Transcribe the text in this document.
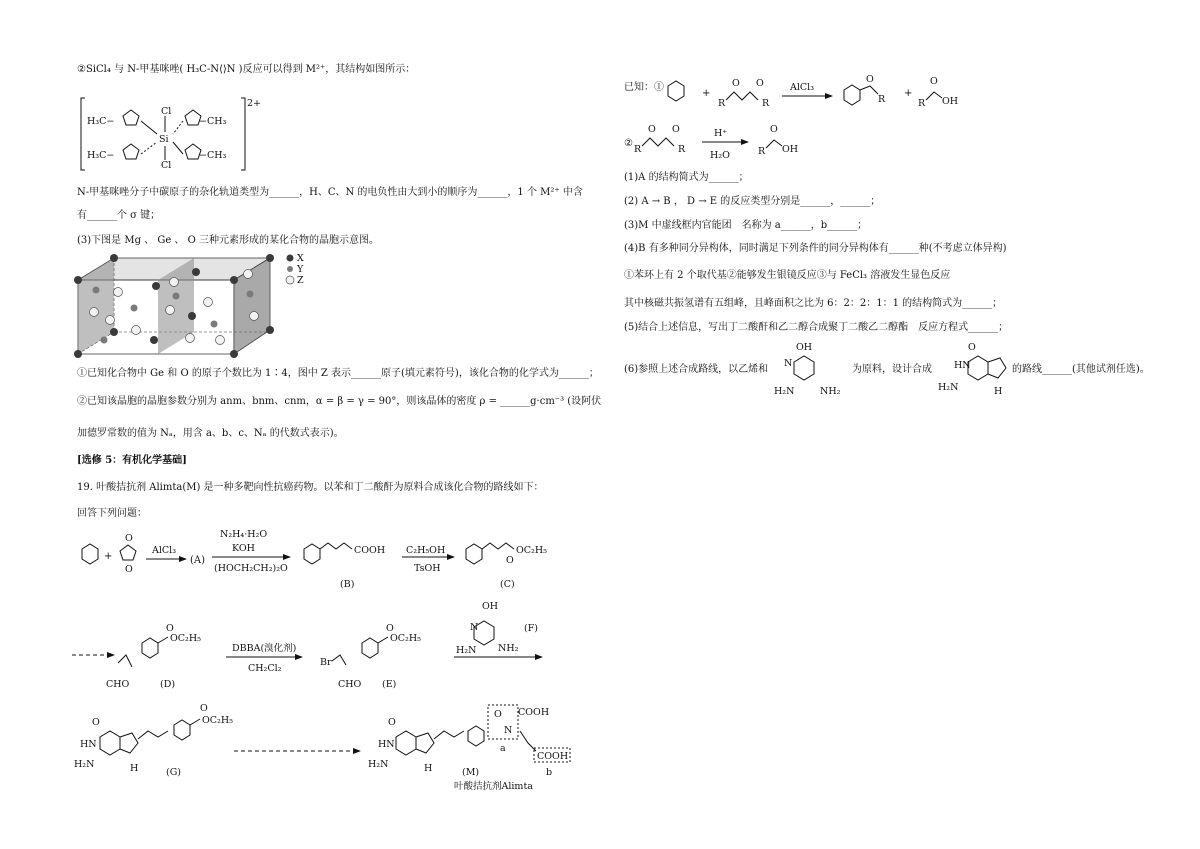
②SiCl₄ 与 N-甲基咪唑( H₃C-N⟨⟩N )反应可以得到 M²⁺，其结构如图所示：
2+
H₃C−	−CH₃
H₃C−	−CH₃
Si
Cl
Cl
N-甲基咪唑分子中碳原子的杂化轨道类型为______，H、C、N 的电负性由大到小的顺序为______，1 个 M²⁺ 中含
有______个 σ 键；
(3)下图是 Mg 、 Ge 、 O 三种元素形成的某化合物的晶胞示意图。
X
Y
Z
①已知化合物中 Ge 和 O 的原子个数比为 1∶4，图中 Z 表示______原子(填元素符号)，该化合物的化学式为______；
②已知该晶胞的晶胞参数分别为 anm、bnm、cnm，α = β = γ = 90°，则该晶体的密度 ρ = ______g·cm⁻³ (设阿伏
加德罗常数的值为 Nₐ，用含 a、b、c、Nₐ 的代数式表示)。
[选修 5：有机化学基础]
19. 叶酸拮抗剂 Alimta(M) 是一种多靶向性抗癌药物。以苯和丁二酸酐为原料合成该化合物的路线如下：
回答下列问题：
+
O
O
AlCl₃
(A)
N₂H₄·H₂O
KOH
(HOCH₂CH₂)₂O
COOH
(B)
C₂H₅OH
TsOH
OC₂H₅
O
(C)
CHO
OC₂H₅
O
(D)
DBBA(溴化剂)
CH₂Cl₂
Br
CHO
OC₂H₅
O
(E)
OH
N
H₂N NH₂
(F)
O
HN
H₂N	H
OC₂H₅
O
(G)
O
HN
H₂N	H
O
N
COOH
COOH
a
b
(M)
叶酸拮抗剂Alimta
已知：①
+
R
O O
R
AlCl₃
O
R
+
R
O
OH
②
R
O O
R
H⁺
H₂O	R
O
OH
(1)A 的结构简式为______；
(2) A → B ， D → E 的反应类型分别是______，______；
(3)M 中虚线框内官能团　名称为 a______，b______；
(4)B 有多种同分异构体，同时满足下列条件的同分异构体有______种(不考虑立体异构)
①苯环上有 2 个取代基②能够发生银镜反应③与 FeCl₃ 溶液发生显色反应
其中核磁共振氢谱有五组峰，且峰面积之比为 6：2：2：1：1 的结构简式为______；
(5)结合上述信息，写出丁二酸酐和乙二醇合成聚丁二酸乙二醇酯　反应方程式______；
(6)参照上述合成路线，以乙烯和
OH
N
H₂N	NH₂
为原料，设计合成
O
HN
H₂N	H
的路线______(其他试剂任选)。
